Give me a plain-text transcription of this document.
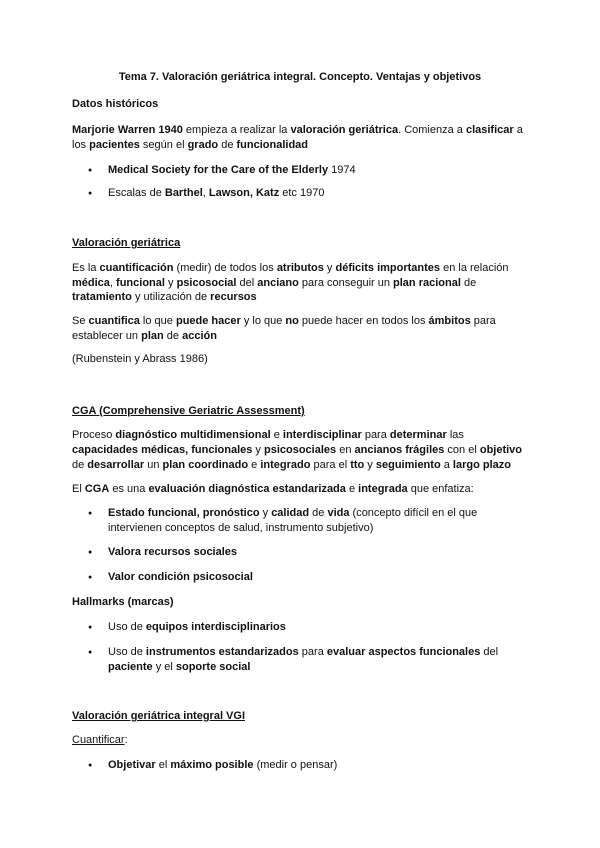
Tema 7. Valoración geriátrica integral. Concepto. Ventajas y objetivos
Datos históricos
Marjorie Warren 1940 empieza a realizar la valoración geriátrica. Comienza a clasificar a
los pacientes según el grado de funcionalidad
● Medical Society for the Care of the Elderly 1974
● Escalas de Barthel, Lawson, Katz etc 1970
Valoración geriátrica
Es la cuantificación (medir) de todos los atributos y déficits importantes en la relación
médica, funcional y psicosocial del anciano para conseguir un plan racional de
tratamiento y utilización de recursos
Se cuantifica lo que puede hacer y lo que no puede hacer en todos los ámbitos para
establecer un plan de acción
(Rubenstein y Abrass 1986)
CGA (Comprehensive Geriatric Assessment)
Proceso diagnóstico multidimensional e interdisciplinar para determinar las
capacidades médicas, funcionales y psicosociales en ancianos frágiles con el objetivo
de desarrollar un plan coordinado e integrado para el tto y seguimiento a largo plazo
El CGA es una evaluación diagnóstica estandarizada e integrada que enfatiza:
● Estado funcional, pronóstico y calidad de vida (concepto difícil en el que
intervienen conceptos de salud, instrumento subjetivo)
● Valora recursos sociales
● Valor condición psicosocial
Hallmarks (marcas)
● Uso de equipos interdisciplinarios
● Uso de instrumentos estandarizados para evaluar aspectos funcionales del
paciente y el soporte social
Valoración geriátrica integral VGI
Cuantificar:
● Objetivar el máximo posible (medir o pensar)
